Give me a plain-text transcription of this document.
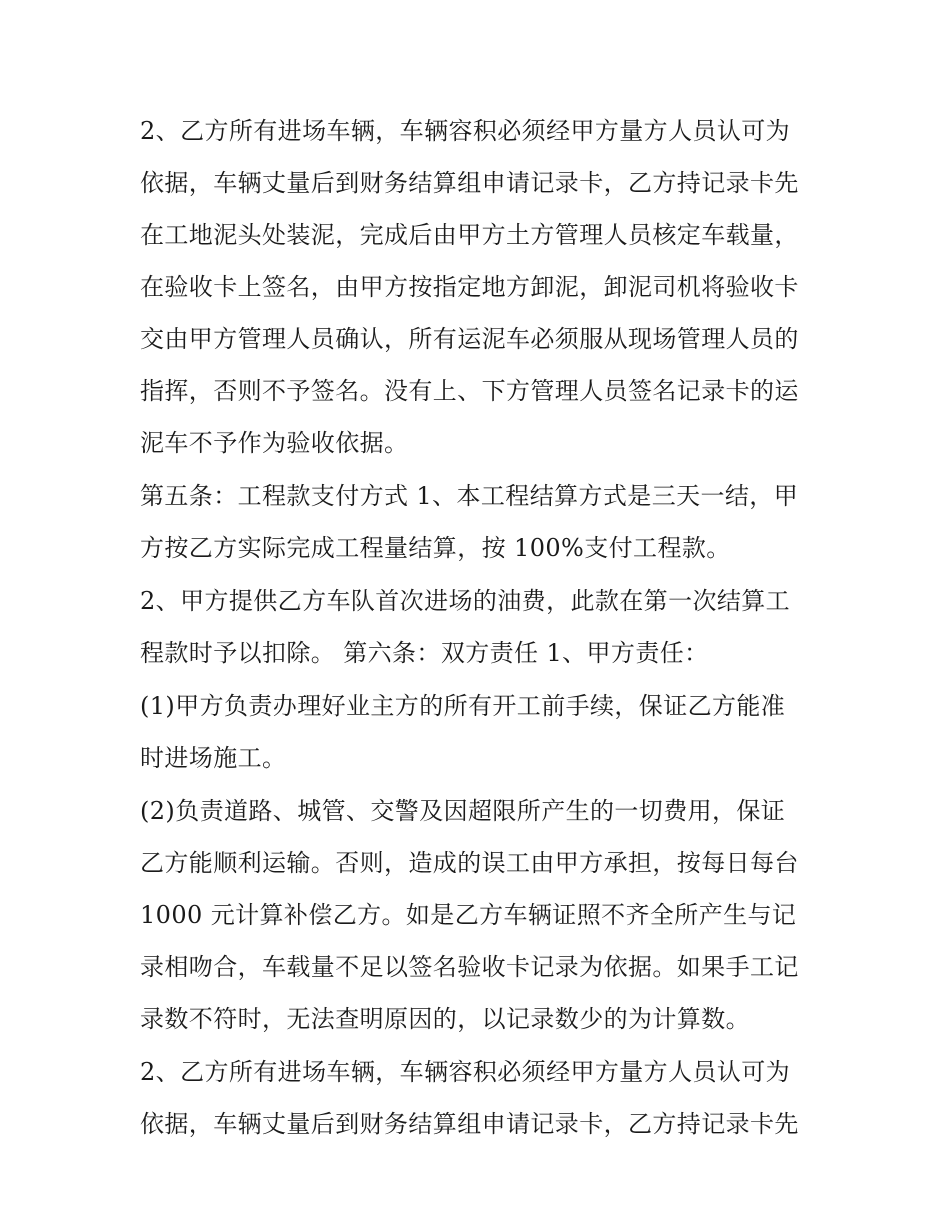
2、乙方所有进场车辆，车辆容积必须经甲方量方人员认可为
依据，车辆丈量后到财务结算组申请记录卡，乙方持记录卡先
在工地泥头处装泥，完成后由甲方土方管理人员核定车载量，
在验收卡上签名，由甲方按指定地方卸泥，卸泥司机将验收卡
交由甲方管理人员确认，所有运泥车必须服从现场管理人员的
指挥，否则不予签名。没有上、下方管理人员签名记录卡的运
泥车不予作为验收依据。

第五条：工程款支付方式 1、本工程结算方式是三天一结，甲
方按乙方实际完成工程量结算，按 100%支付工程款。

2、甲方提供乙方车队首次进场的油费，此款在第一次结算工
程款时予以扣除。 第六条：双方责任 1、甲方责任：

(1)甲方负责办理好业主方的所有开工前手续，保证乙方能准
时进场施工。

(2)负责道路、城管、交警及因超限所产生的一切费用，保证
乙方能顺利运输。否则，造成的误工由甲方承担，按每日每台
1000 元计算补偿乙方。如是乙方车辆证照不齐全所产生与记
录相吻合，车载量不足以签名验收卡记录为依据。如果手工记
录数不符时，无法查明原因的，以记录数少的为计算数。

2、乙方所有进场车辆，车辆容积必须经甲方量方人员认可为
依据，车辆丈量后到财务结算组申请记录卡，乙方持记录卡先
